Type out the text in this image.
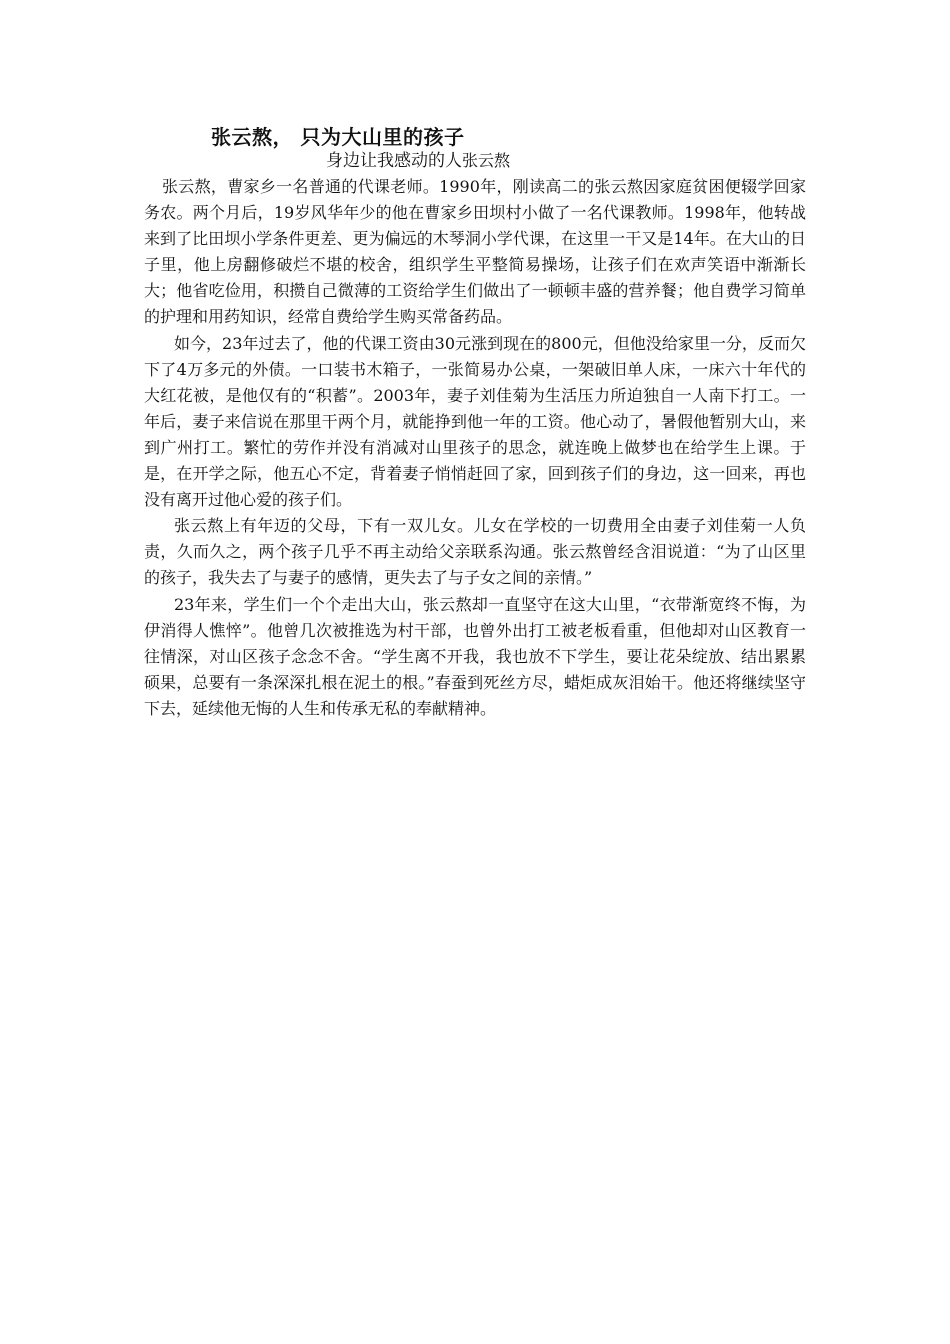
张云熬， 只为大山里的孩子
身边让我感动的人张云熬

张云熬，曹家乡一名普通的代课老师。1990年，刚读高二的张云熬因家庭贫困便辍学回家务农。两个月后，19岁风华年少的他在曹家乡田坝村小做了一名代课教师。1998年，他转战来到了比田坝小学条件更差、更为偏远的木琴洞小学代课，在这里一干又是14年。在大山的日子里，他上房翻修破烂不堪的校舍，组织学生平整简易操场，让孩子们在欢声笑语中渐渐长大；他省吃俭用，积攒自己微薄的工资给学生们做出了一顿顿丰盛的营养餐；他自费学习简单的护理和用药知识，经常自费给学生购买常备药品。

如今，23年过去了，他的代课工资由30元涨到现在的800元，但他没给家里一分，反而欠下了4万多元的外债。一口装书木箱子，一张简易办公桌，一架破旧单人床，一床六十年代的大红花被，是他仅有的“积蓄”。2003年，妻子刘佳菊为生活压力所迫独自一人南下打工。一年后，妻子来信说在那里干两个月，就能挣到他一年的工资。他心动了，暑假他暂别大山，来到广州打工。繁忙的劳作并没有消减对山里孩子的思念，就连晚上做梦也在给学生上课。于是，在开学之际，他五心不定，背着妻子悄悄赶回了家，回到孩子们的身边，这一回来，再也没有离开过他心爱的孩子们。

张云熬上有年迈的父母，下有一双儿女。儿女在学校的一切费用全由妻子刘佳菊一人负责，久而久之，两个孩子几乎不再主动给父亲联系沟通。张云熬曾经含泪说道：“为了山区里的孩子，我失去了与妻子的感情，更失去了与子女之间的亲情。”

23年来，学生们一个个走出大山，张云熬却一直坚守在这大山里，“衣带渐宽终不悔，为伊消得人憔悴”。他曾几次被推选为村干部，也曾外出打工被老板看重，但他却对山区教育一往情深，对山区孩子念念不舍。“学生离不开我，我也放不下学生，要让花朵绽放、结出累累硕果，总要有一条深深扎根在泥土的根。”春蚕到死丝方尽，蜡炬成灰泪始干。他还将继续坚守下去，延续他无悔的人生和传承无私的奉献精神。
